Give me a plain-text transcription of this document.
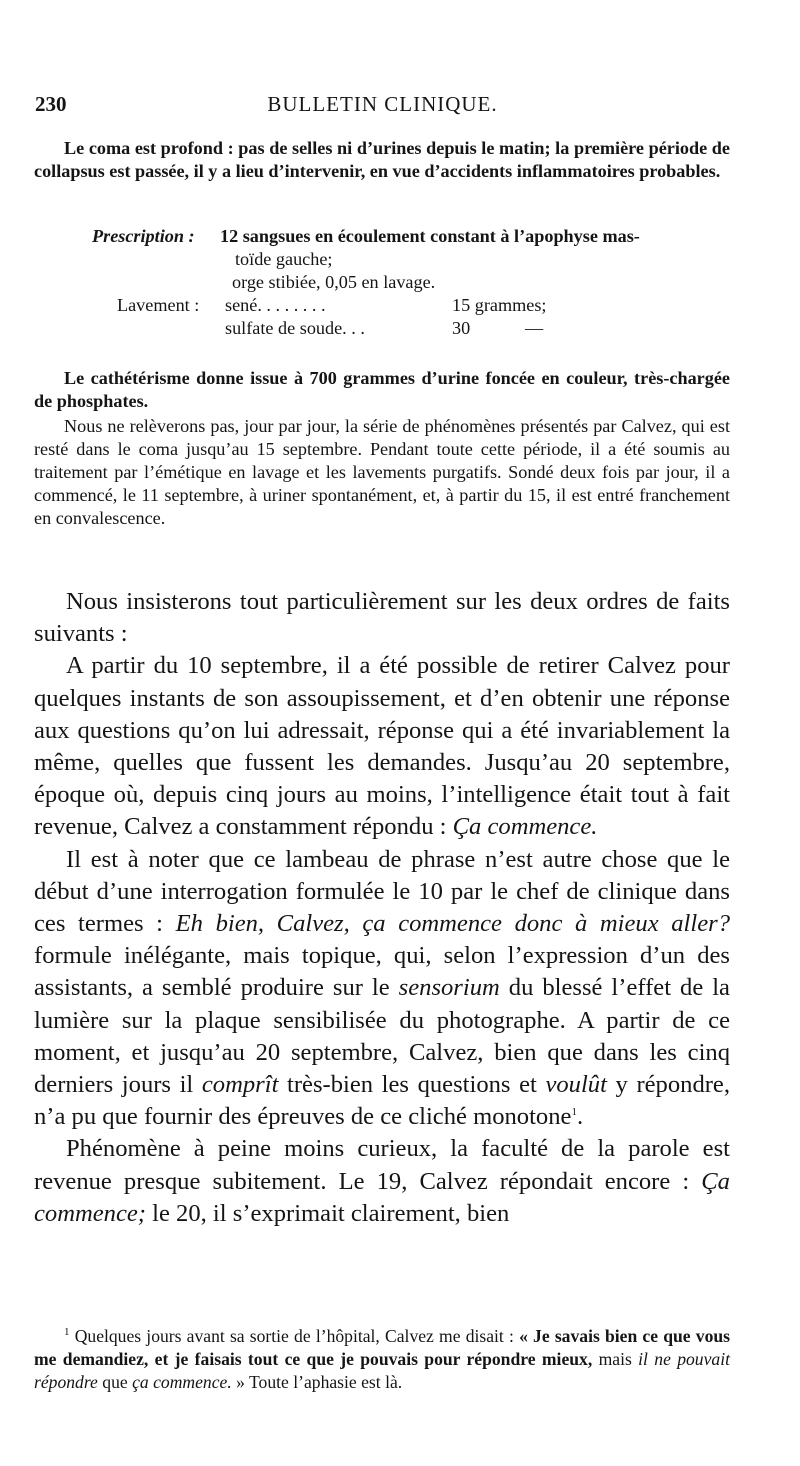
230	BULLETIN CLINIQUE.

Le coma est profond : pas de selles ni d’urines depuis le matin; la première période de collapsus est passée, il y a lieu d’intervenir, en vue d’accidents inflammatoires probables.

Prescription : 12 sangsues en écoulement constant à l’apophyse mas-
toïde gauche;
orge stibiée, 0,05 en lavage.
Lavement : sené. . . . . . . .	15 grammes;
sulfate de soude. . .	30	—

Le cathétérisme donne issue à 700 grammes d’urine foncée en couleur, très-chargée de phosphates.

Nous ne relèverons pas, jour par jour, la série de phénomènes présentés par Calvez, qui est resté dans le coma jusqu’au 15 septembre. Pendant toute cette période, il a été soumis au traitement par l’émétique en lavage et les lavements purgatifs. Sondé deux fois par jour, il a commencé, le 11 septembre, à uriner spontanément, et, à partir du 15, il est entré franchement en convalescence.

Nous insisterons tout particulièrement sur les deux ordres de faits suivants :

A partir du 10 septembre, il a été possible de retirer Calvez pour quelques instants de son assoupissement, et d’en obtenir une réponse aux questions qu’on lui adressait, réponse qui a été invariablement la même, quelles que fussent les demandes. Jusqu’au 20 septembre, époque où, depuis cinq jours au moins, l’intelligence était tout à fait revenue, Calvez a constamment répondu : Ça commence.

Il est à noter que ce lambeau de phrase n’est autre chose que le début d’une interrogation formulée le 10 par le chef de clinique dans ces termes : Eh bien, Calvez, ça commence donc à mieux aller? formule inélégante, mais topique, qui, selon l’expression d’un des assistants, a semblé produire sur le sensorium du blessé l’effet de la lumière sur la plaque sensibilisée du photographe. A partir de ce moment, et jusqu’au 20 septembre, Calvez, bien que dans les cinq derniers jours il comprît très-bien les questions et voulût y répondre, n’a pu que fournir des épreuves de ce cliché monotone$^1$.

Phénomène à peine moins curieux, la faculté de la parole est revenue presque subitement. Le 19, Calvez répondait encore : Ça commence; le 20, il s’exprimait clairement, bien

$^1$ Quelques jours avant sa sortie de l’hôpital, Calvez me disait : « Je savais bien ce que vous me demandiez, et je faisais tout ce que je pouvais pour répondre mieux, mais il ne pouvait répondre que ça commence. » Toute l’aphasie est là.
